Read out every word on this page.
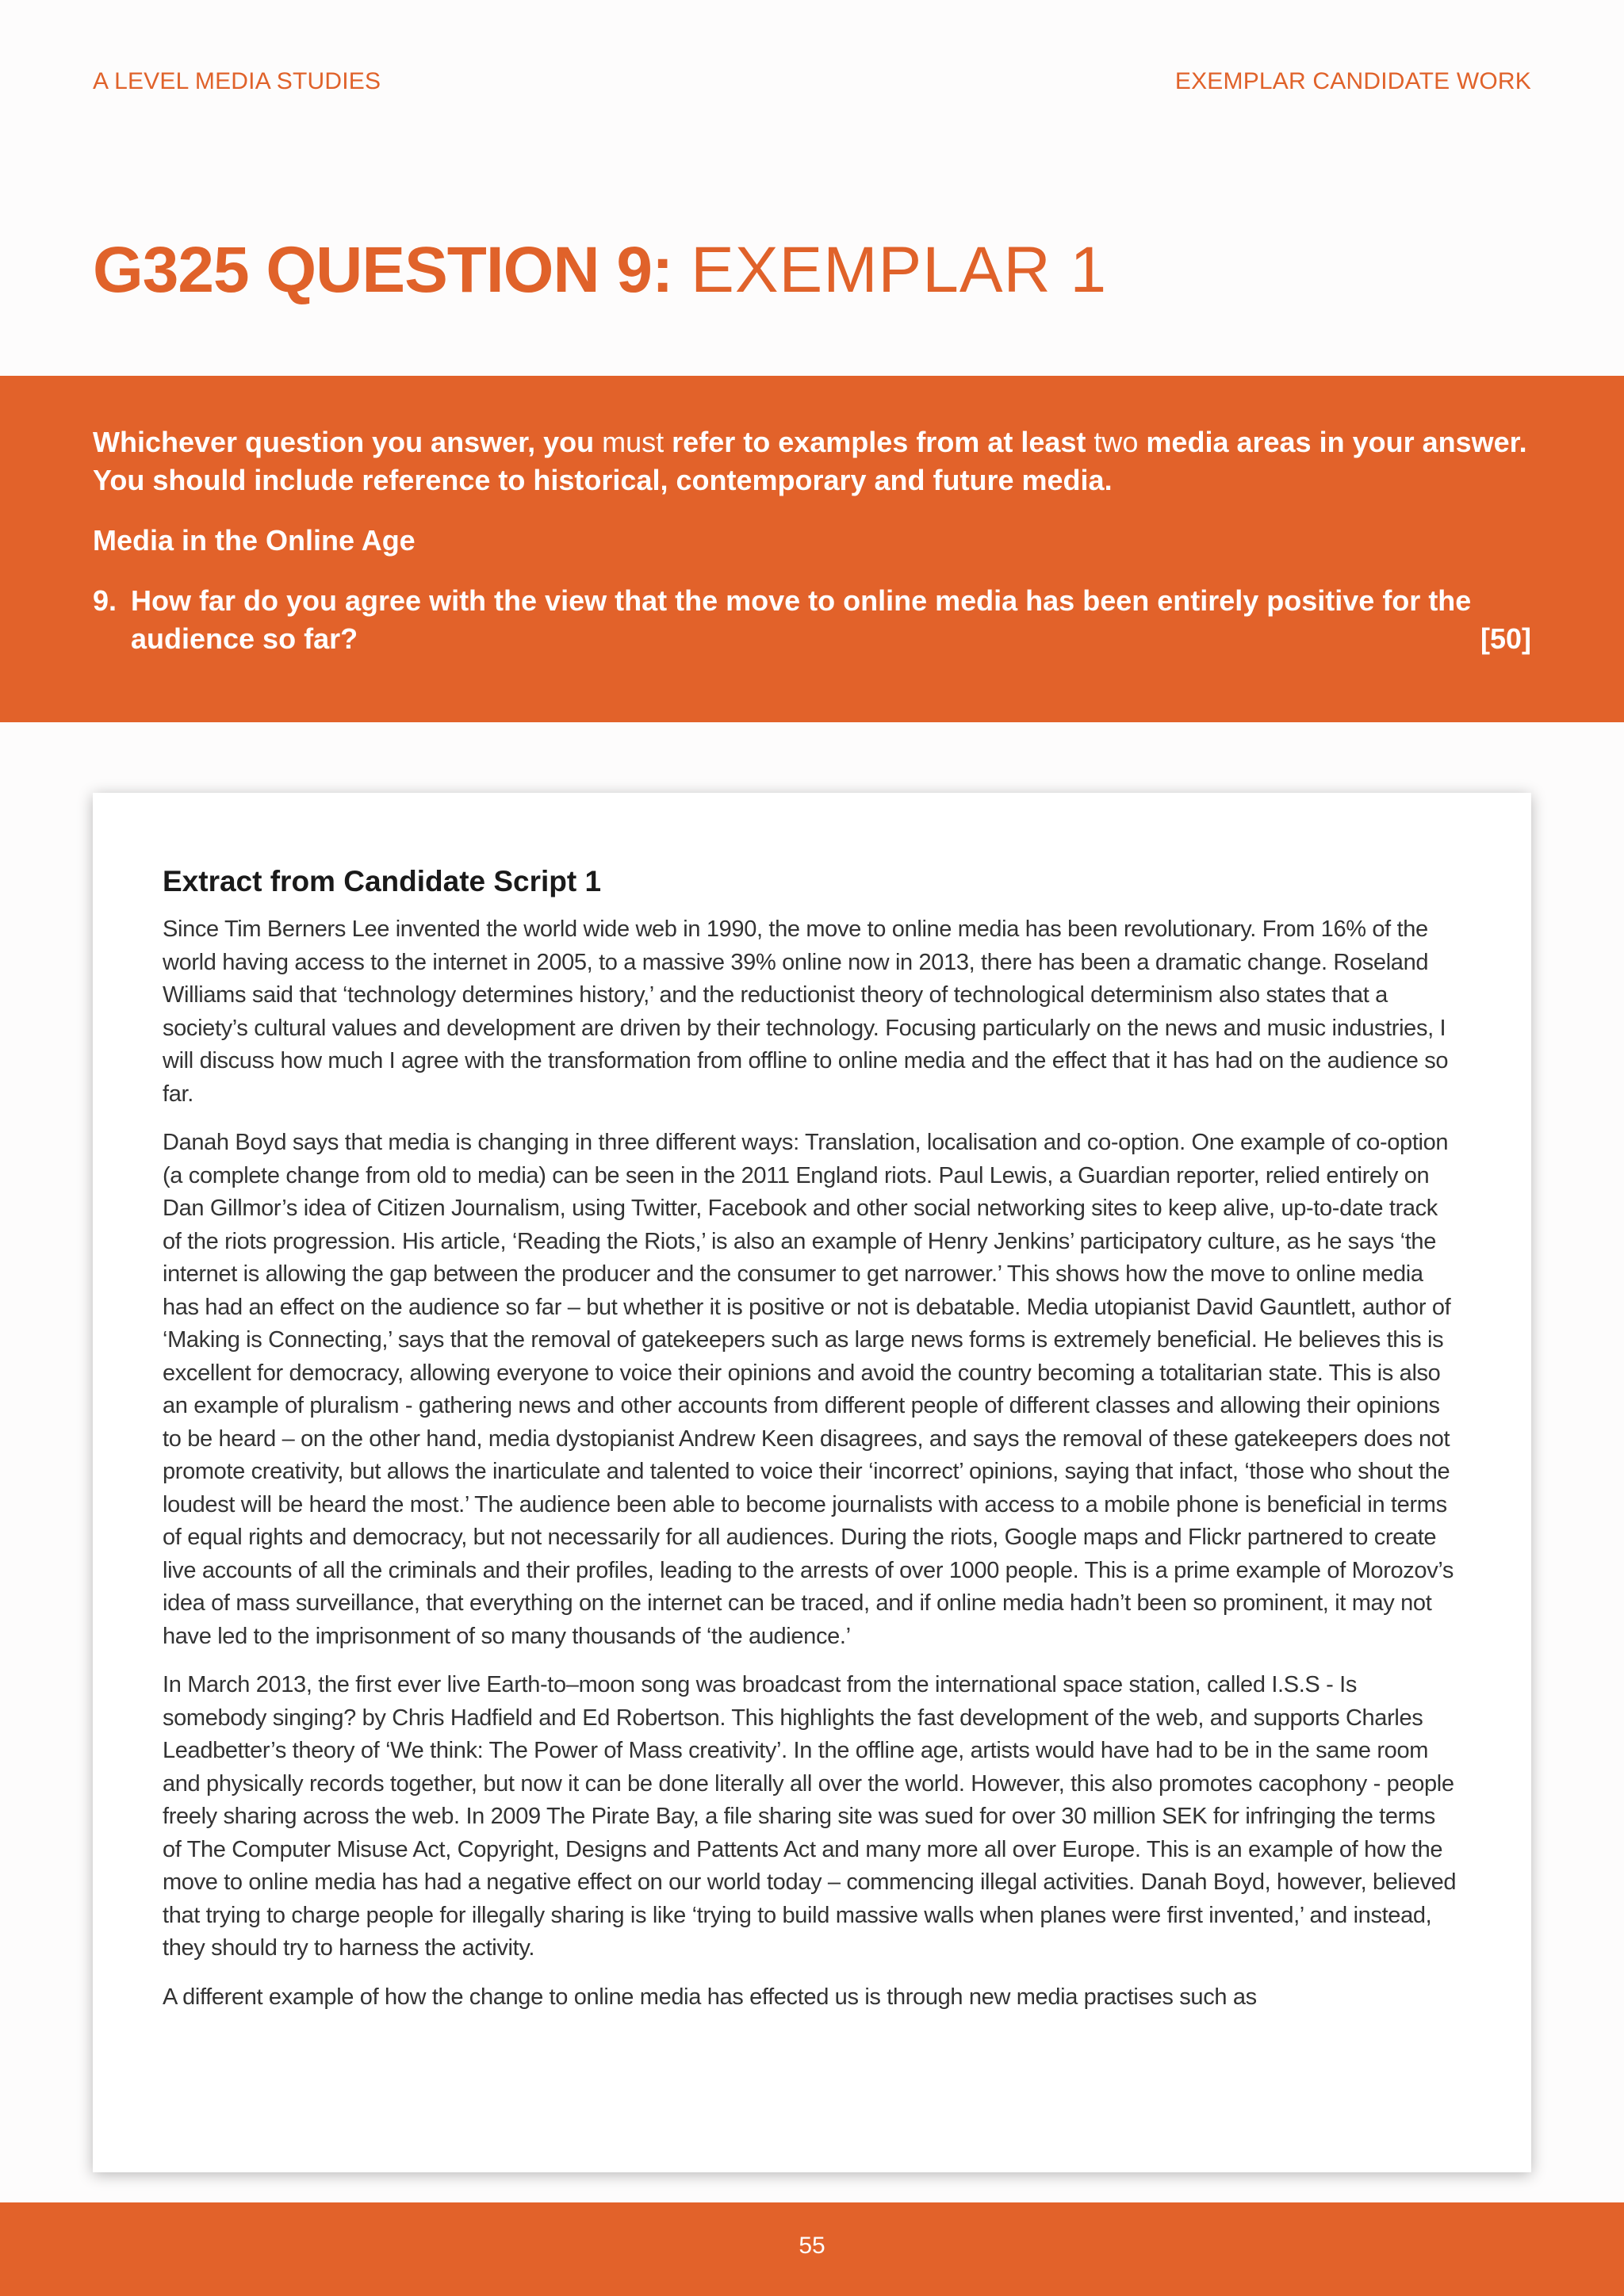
A LEVEL MEDIA STUDIES	EXEMPLAR CANDIDATE WORK
G325 QUESTION 9: EXEMPLAR 1

Whichever question you answer, you must refer to examples from at least two media areas in your answer. You should include reference to historical, contemporary and future media.

Media in the Online Age

9. How far do you agree with the view that the move to online media has been entirely positive for the audience so far?	[50]

Extract from Candidate Script 1

Since Tim Berners Lee invented the world wide web in 1990, the move to online media has been revolutionary. From 16% of the world having access to the internet in 2005, to a massive 39% online now in 2013, there has been a dramatic change. Roseland Williams said that ‘technology determines history,’ and the reductionist theory of technological determinism also states that a society’s cultural values and development are driven by their technology. Focusing particularly on the news and music industries, I will discuss how much I agree with the transformation from offline to online media and the effect that it has had on the audience so far.

Danah Boyd says that media is changing in three different ways: Translation, localisation and co-option. One example of co-option (a complete change from old to media) can be seen in the 2011 England riots. Paul Lewis, a Guardian reporter, relied entirely on Dan Gillmor’s idea of Citizen Journalism, using Twitter, Facebook and other social networking sites to keep alive, up-to-date track of the riots progression. His article, ‘Reading the Riots,’ is also an example of Henry Jenkins’ participatory culture, as he says ‘the internet is allowing the gap between the producer and the consumer to get narrower.’ This shows how the move to online media has had an effect on the audience so far – but whether it is positive or not is debatable. Media utopianist David Gauntlett, author of ‘Making is Connecting,’ says that the removal of gatekeepers such as large news forms is extremely beneficial. He believes this is excellent for democracy, allowing everyone to voice their opinions and avoid the country becoming a totalitarian state. This is also an example of pluralism - gathering news and other accounts from different people of different classes and allowing their opinions to be heard – on the other hand, media dystopianist Andrew Keen disagrees, and says the removal of these gatekeepers does not promote creativity, but allows the inarticulate and talented to voice their ‘incorrect’ opinions, saying that infact, ‘those who shout the loudest will be heard the most.’ The audience been able to become journalists with access to a mobile phone is beneficial in terms of equal rights and democracy, but not necessarily for all audiences. During the riots, Google maps and Flickr partnered to create live accounts of all the criminals and their profiles, leading to the arrests of over 1000 people. This is a prime example of Morozov’s idea of mass surveillance, that everything on the internet can be traced, and if online media hadn’t been so prominent, it may not have led to the imprisonment of so many thousands of ‘the audience.’

In March 2013, the first ever live Earth-to–moon song was broadcast from the international space station, called I.S.S - Is somebody singing? by Chris Hadfield and Ed Robertson. This highlights the fast development of the web, and supports Charles Leadbetter’s theory of ‘We think: The Power of Mass creativity’. In the offline age, artists would have had to be in the same room and physically records together, but now it can be done literally all over the world. However, this also promotes cacophony - people freely sharing across the web. In 2009 The Pirate Bay, a file sharing site was sued for over 30 million SEK for infringing the terms of The Computer Misuse Act, Copyright, Designs and Pattents Act and many more all over Europe. This is an example of how the move to online media has had a negative effect on our world today – commencing illegal activities. Danah Boyd, however, believed that trying to charge people for illegally sharing is like ‘trying to build massive walls when planes were first invented,’ and instead, they should try to harness the activity.

A different example of how the change to online media has effected us is through new media practises such as

55
